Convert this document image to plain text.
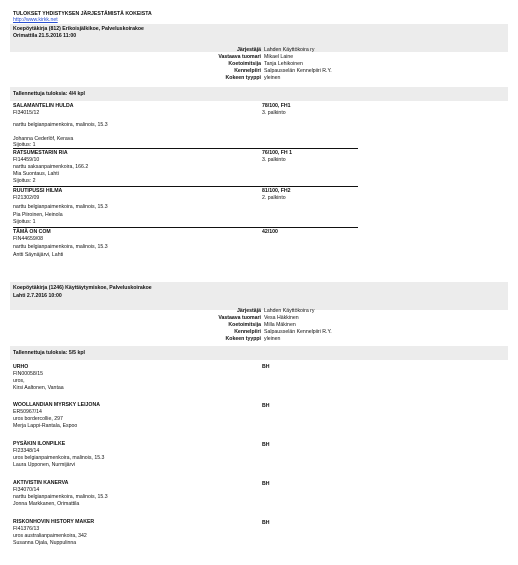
TULOKSET YHDISTYKSEN JÄRJESTÄMISTÄ KOKEISTA
http://www.kirkk.net
Koepöytäkirja (812) Erikoisjälkikoe, Palveluskoirakoe
Orimattila 21.5.2016 11:00
Järjestäjä Lahden Käyttökoira ry
Vastaava tuomari Mikael Laine
Koetoimitsija Tanja Lehikoinen
Kennelpiiri Salpausselän Kennelpiiri R.Y.
Kokeen tyyppi yleinen
Tallennettuja tuloksia: 4/4 kpl
SALAMANTELIN HULDA
FI34015/12
narttu belgianpaimenkoira, malinois, 15.3
Johanna Cederlöf, Kerava
Sijoitus: 1
78/100, FH1
3. palkinto
RATSUMESTARIN RIA
FI14459/10
narttu saksanpaimenkoira, 166.2
Mia Suontaus, Lahti
Sijoitus: 2
76/100, FH 1
3. palkinto
RUUTIPUSSI HILMA
FI21302/09
narttu belgianpaimenkoira, malinois, 15.3
Pia Piiroinen, Heinola
Sijoitus: 1
81/100, FH2
2. palkinto
TÄMÄ ON COM
FIN44659/08
narttu belgianpaimenkoira, malinois, 15.3
Antti Säynäjärvi, Lahti
42/100
Koepöytäkirja (1246) Käyttäytymiskoe, Palveluskoirakoe
Lahti 2.7.2016 10:00
Järjestäjä Lahden Käyttökoira ry
Vastaava tuomari Vesa Häkkinen
Koetoimitsija Milla Mäkinen
Kennelpiiri Salpausselän Kennelpiiri R.Y.
Kokeen tyyppi yleinen
Tallennettuja tuloksia: 5/5 kpl
URHO
FIN00058/15
uros,
Kirsi Aaltonen, Vantaa
BH
WOOLLANDIAN MYRSKY LEIJONA
ER50967/14
uros bordercollie, 297
Merja Lappi-Rantala, Espoo
BH
PYSÄKIN ILONPILKE
FI23348/14
uros belgianpaimenkoira, malinois, 15.3
Laura Upponen, Nurmijärvi
BH
AKTIVISTIN KANERVA
FI34070/14
narttu belgianpaimenkoira, malinois, 15.3
Jonna Markkanen, Orimattila
BH
RISKONHOVIN HISTORY MAKER
FI41376/13
uros australianpaimenkoira, 342
Susanna Ojala, Nuppulinna
BH
